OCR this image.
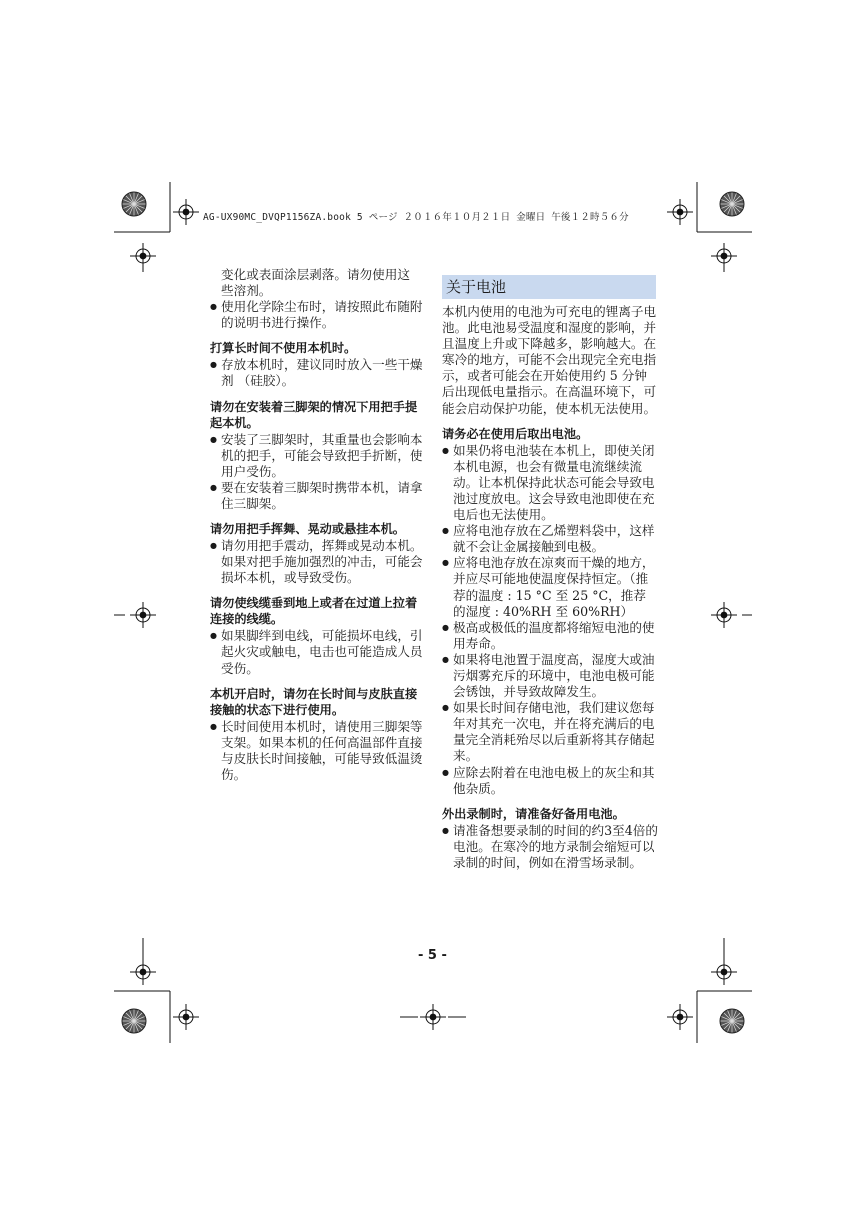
AG-UX90MC_DVQP1156ZA.book 5 ページ ２０１６年１０月２１日 金曜日 午後１２時５６分

变化或表面涂层剥落。请勿使用这

些溶剂。

● 使用化学除尘布时，请按照此布随附的说明书进行操作。
打算长时间不使用本机时。
● 存放本机时，建议同时放入一些干燥剂 （硅胶）。
请勿在安装着三脚架的情况下用把手提起本机。
● 安装了三脚架时，其重量也会影响本机的把手，可能会导致把手折断，使用户受伤。
● 要在安装着三脚架时携带本机，请拿住三脚架。
请勿用把手挥舞、晃动或悬挂本机。
● 请勿用把手震动，挥舞或晃动本机。如果对把手施加强烈的冲击，可能会损坏本机，或导致受伤。
请勿使线缆垂到地上或者在过道上拉着连接的线缆。
● 如果脚绊到电线，可能损坏电线，引起火灾或触电，电击也可能造成人员受伤。
本机开启时，请勿在长时间与皮肤直接接触的状态下进行使用。
● 长时间使用本机时，请使用三脚架等支架。如果本机的任何高温部件直接与皮肤长时间接触，可能导致低温烫伤。
关于电池
本机内使用的电池为可充电的锂离子电池。此电池易受温度和湿度的影响，并且温度上升或下降越多，影响越大。在寒冷的地方，可能不会出现完全充电指示，或者可能会在开始使用约 5 分钟后出现低电量指示。在高温环境下，可能会启动保护功能，使本机无法使用。
请务必在使用后取出电池。
● 如果仍将电池装在本机上，即使关闭本机电源，也会有微量电流继续流动。让本机保持此状态可能会导致电池过度放电。这会导致电池即使在充电后也无法使用。
● 应将电池存放在乙烯塑料袋中，这样就不会让金属接触到电极。
● 应将电池存放在凉爽而干燥的地方，并应尽可能地使温度保持恒定。（推荐的温度 : 15 °C 至 25 °C，推荐的湿度 : 40%RH 至 60%RH）
● 极高或极低的温度都将缩短电池的使用寿命。
● 如果将电池置于温度高，湿度大或油污烟雾充斥的环境中，电池电极可能会锈蚀，并导致故障发生。
● 如果长时间存储电池，我们建议您每年对其充一次电，并在将充满后的电量完全消耗殆尽以后重新将其存储起来。
● 应除去附着在电池电极上的灰尘和其他杂质。
外出录制时，请准备好备用电池。
● 请准备想要录制的时间的约3至4倍的电池。在寒冷的地方录制会缩短可以录制的时间，例如在滑雪场录制。
- 5 -
